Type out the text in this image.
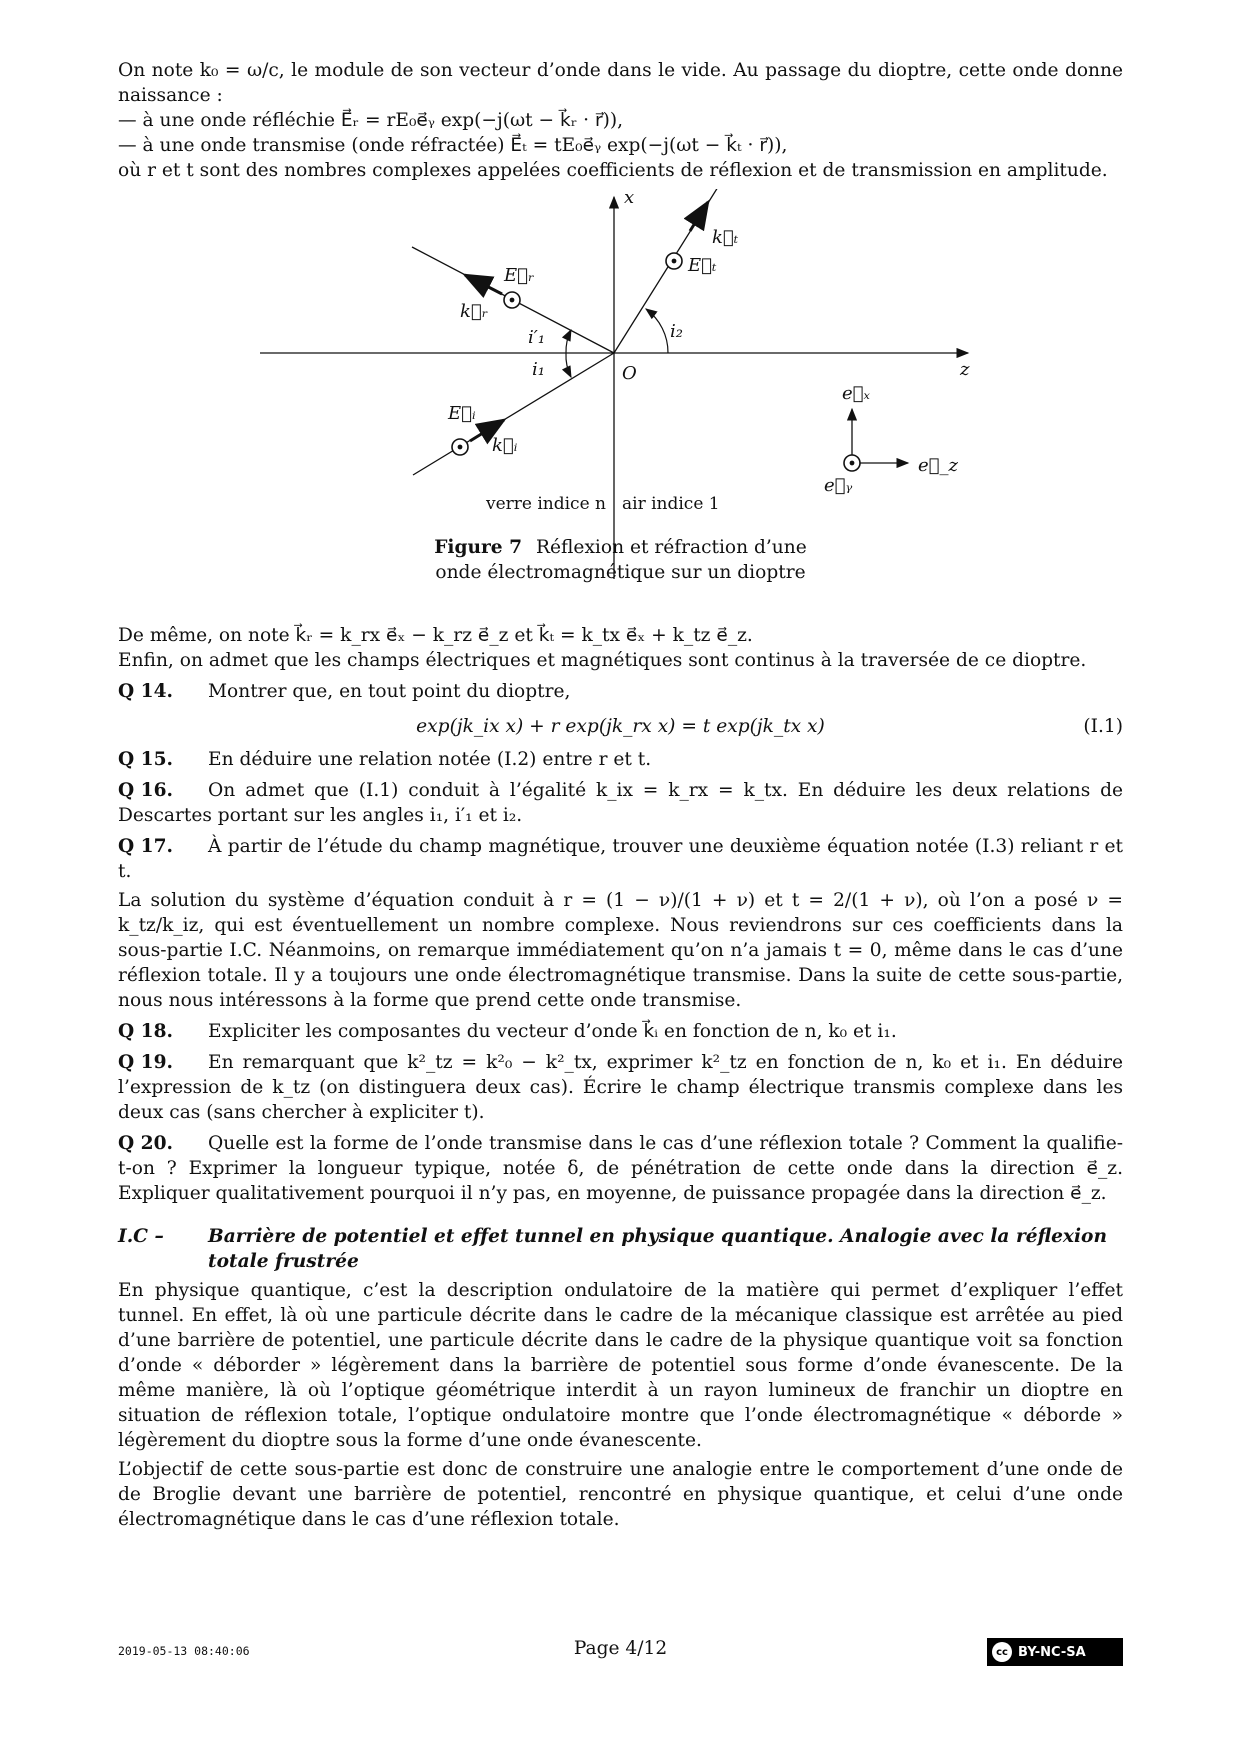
On note k₀ = ω/c, le module de son vecteur d’onde dans le vide. Au passage du dioptre, cette onde donne naissance :

— à une onde réfléchie E⃗ᵣ = rE₀e⃗ᵧ exp(−j(ωt − k⃗ᵣ · r⃗)),

— à une onde transmise (onde réfractée) E⃗ₜ = tE₀e⃗ᵧ exp(−j(ωt − k⃗ₜ · r⃗)),

où r et t sont des nombres complexes appelées coefficients de réflexion et de transmission en amplitude.

x
z
O
k⃗ₜ
E⃗ₜ
E⃗ᵣ
k⃗ᵣ
E⃗ᵢ
k⃗ᵢ
i′₁
i₁
i₂
e⃗ₓ
e⃗_z
e⃗ᵧ
verre indice n air indice 1
Figure 7 Réflexion et réfraction d’une
onde électromagnétique sur un dioptre

De même, on note k⃗ᵣ = k_rx e⃗ₓ − k_rz e⃗_z et k⃗ₜ = k_tx e⃗ₓ + k_tz e⃗_z.

Enfin, on admet que les champs électriques et magnétiques sont continus à la traversée de ce dioptre.

Q 14. Montrer que, en tout point du dioptre,

exp(jk_ix x) + r exp(jk_rx x) = t exp(jk_tx x)	(I.1)

Q 15. En déduire une relation notée (I.2) entre r et t.

Q 16. On admet que (I.1) conduit à l’égalité k_ix = k_rx = k_tx. En déduire les deux relations de Descartes portant sur les angles i₁, i′₁ et i₂.

Q 17. À partir de l’étude du champ magnétique, trouver une deuxième équation notée (I.3) reliant r et t.

La solution du système d’équation conduit à r = (1 − ν)/(1 + ν) et t = 2/(1 + ν), où l’on a posé ν = k_tz/k_iz, qui est éventuellement un nombre complexe. Nous reviendrons sur ces coefficients dans la sous-partie I.C. Néanmoins, on remarque immédiatement qu’on n’a jamais t = 0, même dans le cas d’une réflexion totale. Il y a toujours une onde électromagnétique transmise. Dans la suite de cette sous-partie, nous nous intéressons à la forme que prend cette onde transmise.

Q 18. Expliciter les composantes du vecteur d’onde k⃗ᵢ en fonction de n, k₀ et i₁.

Q 19. En remarquant que k²_tz = k²₀ − k²_tx, exprimer k²_tz en fonction de n, k₀ et i₁. En déduire l’expression de k_tz (on distinguera deux cas). Écrire le champ électrique transmis complexe dans les deux cas (sans chercher à expliciter t).

Q 20. Quelle est la forme de l’onde transmise dans le cas d’une réflexion totale ? Comment la qualifie-t-on ? Exprimer la longueur typique, notée δ, de pénétration de cette onde dans la direction e⃗_z. Expliquer qualitativement pourquoi il n’y pas, en moyenne, de puissance propagée dans la direction e⃗_z.

I.C – Barrière de potentiel et effet tunnel en physique quantique. Analogie avec la réflexion totale frustrée

En physique quantique, c’est la description ondulatoire de la matière qui permet d’expliquer l’effet tunnel. En effet, là où une particule décrite dans le cadre de la mécanique classique est arrêtée au pied d’une barrière de potentiel, une particule décrite dans le cadre de la physique quantique voit sa fonction d’onde « déborder » légèrement dans la barrière de potentiel sous forme d’onde évanescente. De la même manière, là où l’optique géométrique interdit à un rayon lumineux de franchir un dioptre en situation de réflexion totale, l’optique ondulatoire montre que l’onde électromagnétique « déborde » légèrement du dioptre sous la forme d’une onde évanescente.

L’objectif de cette sous-partie est donc de construire une analogie entre le comportement d’une onde de de Broglie devant une barrière de potentiel, rencontré en physique quantique, et celui d’une onde électromagnétique dans le cas d’une réflexion totale.

2019-05-13 08:40:06	Page 4/12	cc BY-NC-SA
